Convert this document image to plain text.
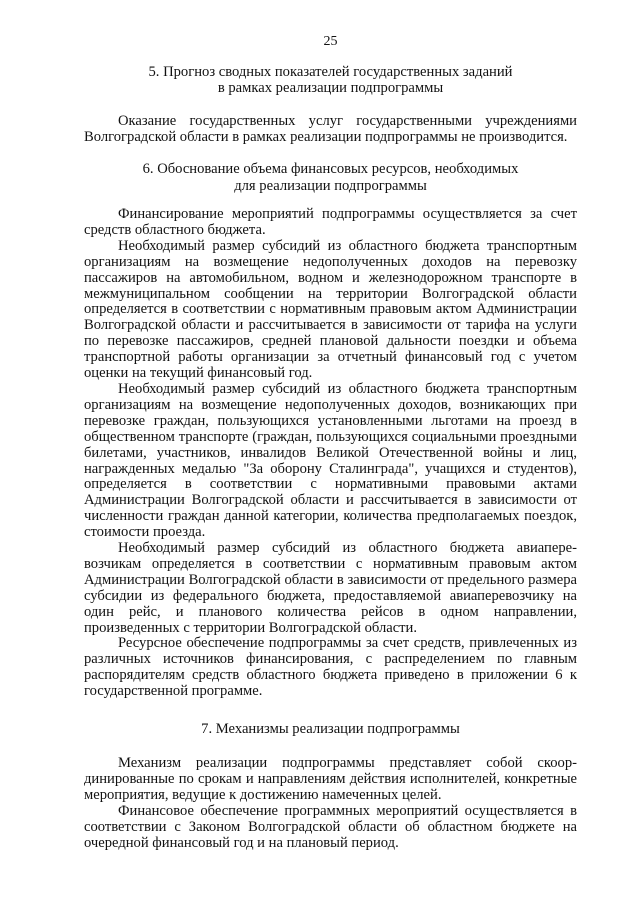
25
5. Прогноз сводных показателей государственных заданий
в рамках реализации подпрограммы

Оказание государственных услуг государственными учреждениями Волгоградской области в рамках реализации подпрограммы не производится.

6. Обоснование объема финансовых ресурсов, необходимых
для реализации подпрограммы

Финансирование мероприятий подпрограммы осуществляется за счет средств областного бюджета.

Необходимый размер субсидий из областного бюджета транспортным организациям на возмещение недополученных доходов на перевозку пассажиров на автомобильном, водном и железнодорожном транспорте в межмуниципальном сообщении на территории Волгоградской области определяется в соответствии с нормативным правовым актом Администрации Волгоградской области и рассчитывается в зависимости от тарифа на услуги по перевозке пассажиров, средней плановой дальности поездки и объема транспортной работы организации за отчетный финансовый год с учетом оценки на текущий финансовый год.

Необходимый размер субсидий из областного бюджета транспортным организациям на возмещение недополученных доходов, возникающих при перевозке граждан, пользующихся установленными льготами на проезд в общественном транспорте (граждан, пользующихся социальными проездными билетами, участников, инвалидов Великой Отечественной войны и лиц, награжденных медалью "За оборону Сталинграда", учащихся и студентов), определяется в соответствии с нормативными правовыми актами Администрации Волгоградской области и рассчитывается в зависимости от численности граждан данной категории, количества предполагаемых поездок, стоимости проезда.

Необходимый размер субсидий из областного бюджета авиаперевозчикам определяется в соответствии с нормативным правовым актом Администрации Волгоградской области в зависимости от предельного размера субсидии из федерального бюджета, предоставляемой авиаперевозчику на один рейс, и планового количества рейсов в одном направлении, произведенных с территории Волгоградской области.

Ресурсное обеспечение подпрограммы за счет средств, привлеченных из различных источников финансирования, с распределением по главным распорядителям средств областного бюджета приведено в приложении 6 к государственной программе.

7. Механизмы реализации подпрограммы

Механизм реализации подпрограммы представляет собой скоординированные по срокам и направлениям действия исполнителей, конкретные мероприятия, ведущие к достижению намеченных целей.

Финансовое обеспечение программных мероприятий осуществляется в соответствии с Законом Волгоградской области об областном бюджете на очередной финансовый год и на плановый период.
